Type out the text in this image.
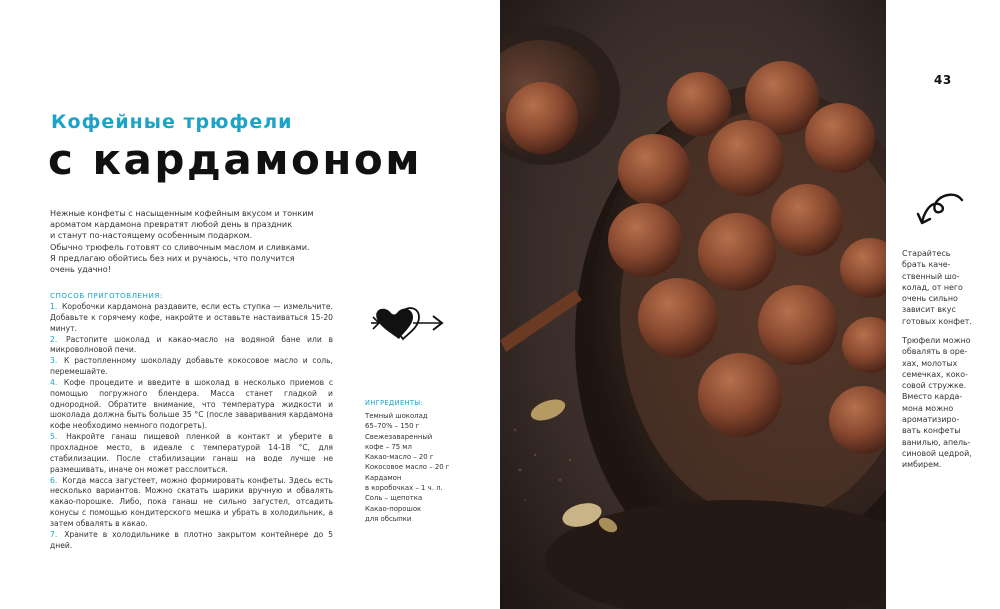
Кофейные трюфели
с кардамоном
Нежные конфеты с насыщенным кофейным вкусом и тонким
ароматом кардамона превратят любой день в праздник
и станут по-настоящему особенным подарком.
Обычно трюфель готовят со сливочным маслом и сливками.
Я предлагаю обойтись без них и ручаюсь, что получится
очень удачно!
СПОСОБ ПРИГОТОВЛЕНИЯ:
1. Коробочки кардамона раздавите, если есть ступка — измельчите. Добавьте к горячему кофе, накройте и оставьте настаиваться 15-20 минут.
2. Растопите шоколад и какао-масло на водяной бане или в микроволновой печи.
3. К растопленному шоколаду добавьте кокосовое масло и соль, перемешайте.
4. Кофе процедите и введите в шоколад в несколько приемов с помощью погружного блендера. Масса станет гладкой и однородной. Обратите внимание, что температура жидкости и шоколада должна быть больше 35 °C (после заваривания кардамона кофе необходимо немного подогреть).
5. Накройте ганаш пищевой пленкой в контакт и уберите в прохладное место, в идеале с температурой 14-18 °C, для стабилизации. После стабилизации ганаш на воде лучше не размешивать, иначе он может расслоиться.
6. Когда масса загустеет, можно формировать конфеты. Здесь есть несколько вариантов. Можно скатать шарики вручную и обвалять какао-порошке. Либо, пока ганаш не сильно загустел, отсадить конусы с помощью кондитерского мешка и убрать в холодильник, а затем обвалять в какао.
7. Храните в холодильнике в плотно закрытом контейнере до 5 дней.
ИНГРЕДИЕНТЫ:
Темный шоколад
65–70% – 150 г
Свежезаваренный
кофе – 75 мл
Какао-масло – 20 г
Кокосовое масло – 20 г
Кардамон
в коробочках – 1 ч. л.
Соль – щепотка
Какао-порошок
для обсыпки
43
Старайтесь
брать каче-
ственный шо-
колад, от него
очень сильно
зависит вкус
готовых конфет.
Трюфели можно
обвалять в оре-
хах, молотых
семечках, коко-
совой стружке.
Вместо карда-
мона можно
ароматизиро-
вать конфеты
ванилью, апель-
синовой цедрой,
имбирем.
